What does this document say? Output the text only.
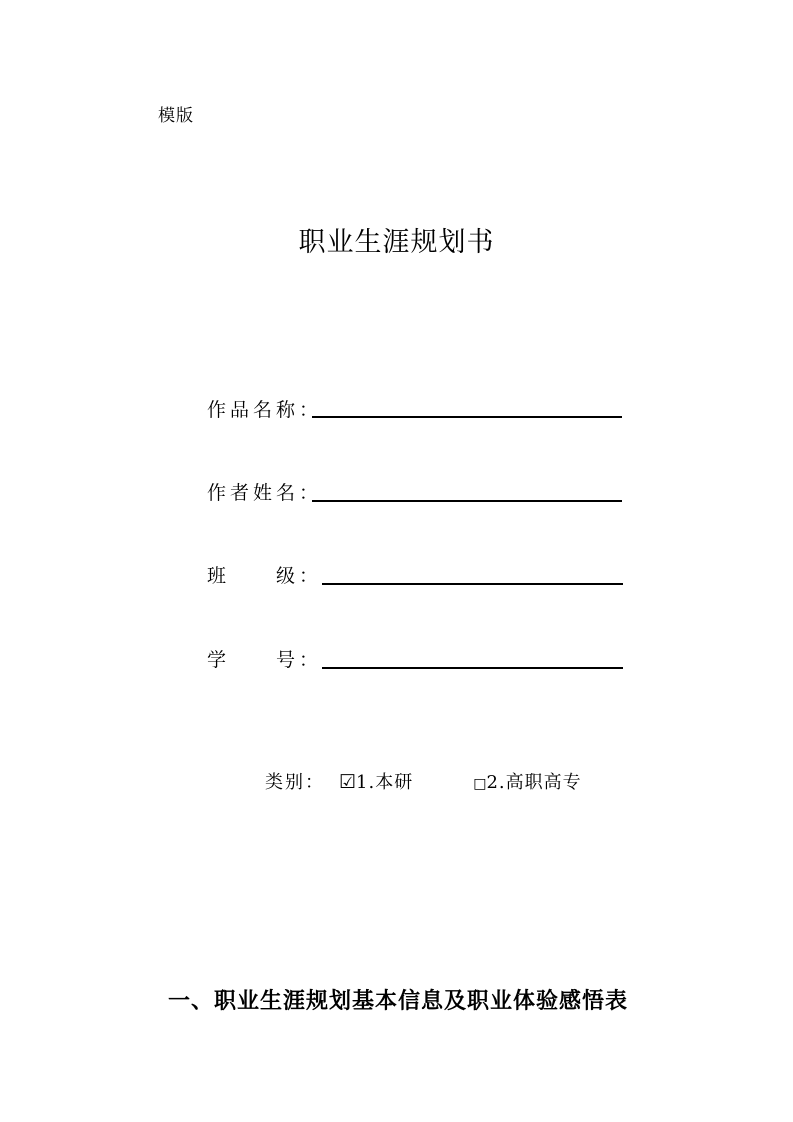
模版
职业生涯规划书
作品名称：
作者姓名：
班　　级：
学　　号：
类别： ☑1.本研	□2.高职高专
一、职业生涯规划基本信息及职业体验感悟表
